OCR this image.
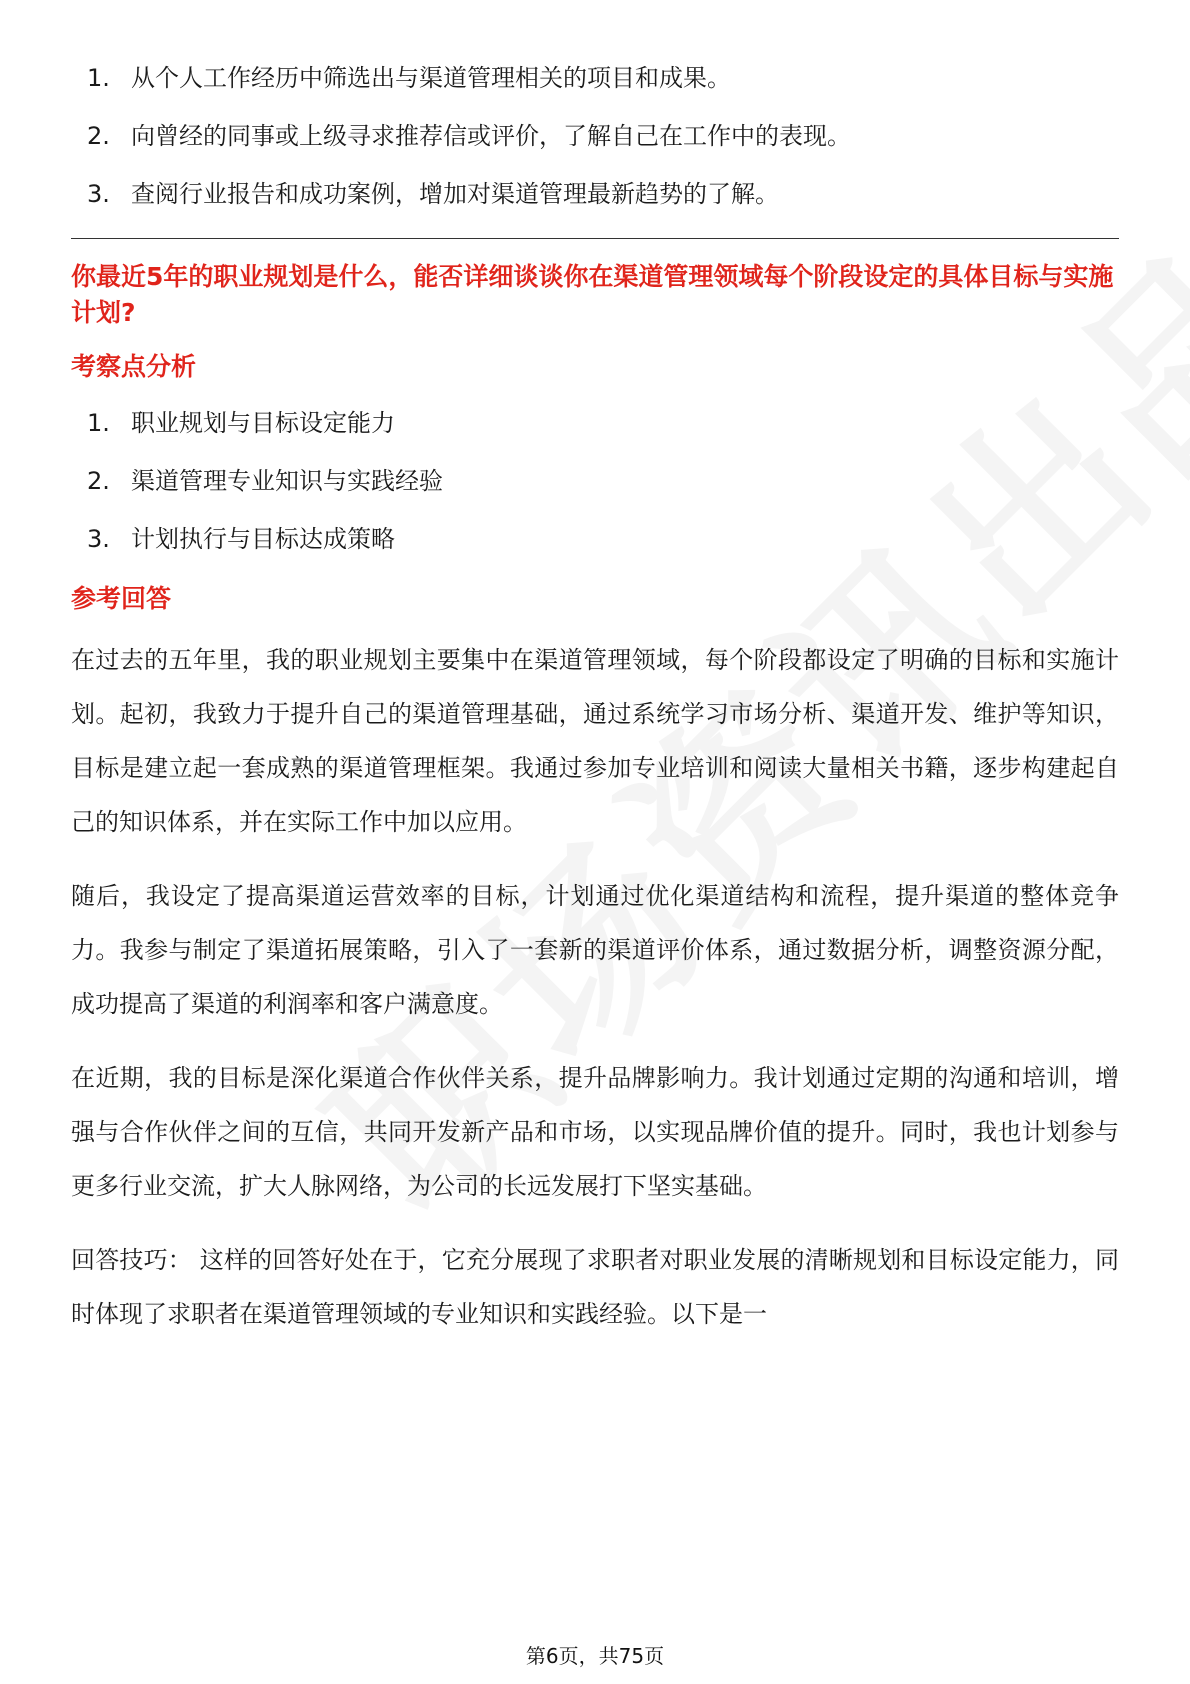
1. 从个人工作经历中筛选出与渠道管理相关的项目和成果。
2. 向曾经的同事或上级寻求推荐信或评价，了解自己在工作中的表现。
3. 查阅行业报告和成功案例，增加对渠道管理最新趋势的了解。
你最近5年的职业规划是什么，能否详细谈谈你在渠道管理领域每个阶段设定的具体目标与实施计划?
考察点分析
1. 职业规划与目标设定能力
2. 渠道管理专业知识与实践经验
3. 计划执行与目标达成策略
参考回答

在过去的五年里，我的职业规划主要集中在渠道管理领域，每个阶段都设定了明确的目标和实施计划。起初，我致力于提升自己的渠道管理基础，通过系统学习市场分析、渠道开发、维护等知识，目标是建立起一套成熟的渠道管理框架。我通过参加专业培训和阅读大量相关书籍，逐步构建起自己的知识体系，并在实际工作中加以应用。

随后，我设定了提高渠道运营效率的目标，计划通过优化渠道结构和流程，提升渠道的整体竞争力。我参与制定了渠道拓展策略，引入了一套新的渠道评价体系，通过数据分析，调整资源分配，成功提高了渠道的利润率和客户满意度。

在近期，我的目标是深化渠道合作伙伴关系，提升品牌影响力。我计划通过定期的沟通和培训，增强与合作伙伴之间的互信，共同开发新产品和市场，以实现品牌价值的提升。同时，我也计划参与更多行业交流，扩大人脉网络，为公司的长远发展打下坚实基础。

回答技巧： 这样的回答好处在于，它充分展现了求职者对职业发展的清晰规划和目标设定能力，同时体现了求职者在渠道管理领域的专业知识和实践经验。以下是一

第6页，共75页
